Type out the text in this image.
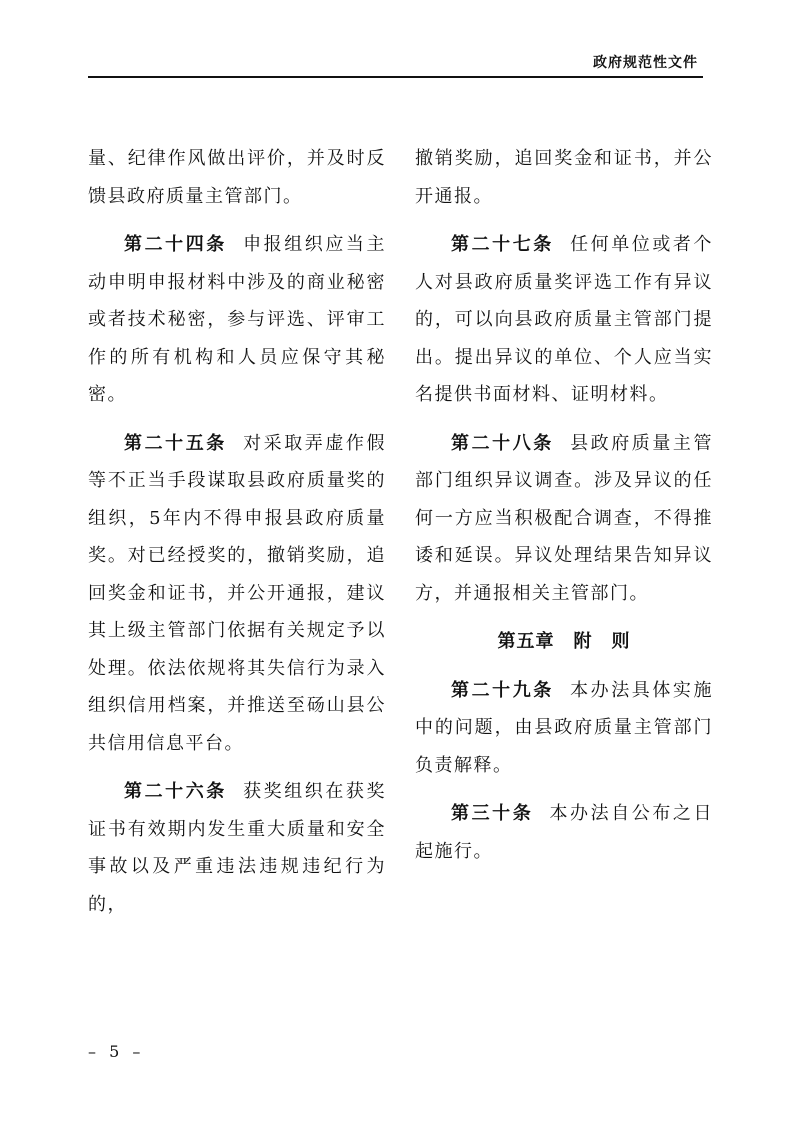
政府规范性文件

量、纪律作风做出评价，并及时反馈县政府质量主管部门。

第二十四条 申报组织应当主动申明申报材料中涉及的商业秘密或者技术秘密，参与评选、评审工作的所有机构和人员应保守其秘密。

第二十五条 对采取弄虚作假等不正当手段谋取县政府质量奖的组织，5年内不得申报县政府质量奖。对已经授奖的，撤销奖励，追回奖金和证书，并公开通报，建议其上级主管部门依据有关规定予以处理。依法依规将其失信行为录入组织信用档案，并推送至砀山县公共信用信息平台。

第二十六条 获奖组织在获奖证书有效期内发生重大质量和安全事故以及严重违法违规违纪行为的，

撤销奖励，追回奖金和证书，并公开通报。

第二十七条 任何单位或者个人对县政府质量奖评选工作有异议的，可以向县政府质量主管部门提出。提出异议的单位、个人应当实名提供书面材料、证明材料。

第二十八条 县政府质量主管部门组织异议调查。涉及异议的任何一方应当积极配合调查，不得推诿和延误。异议处理结果告知异议方，并通报相关主管部门。

第五章　附　则

第二十九条 本办法具体实施中的问题，由县政府质量主管部门负责解释。

第三十条 本办法自公布之日起施行。

– 5 –
